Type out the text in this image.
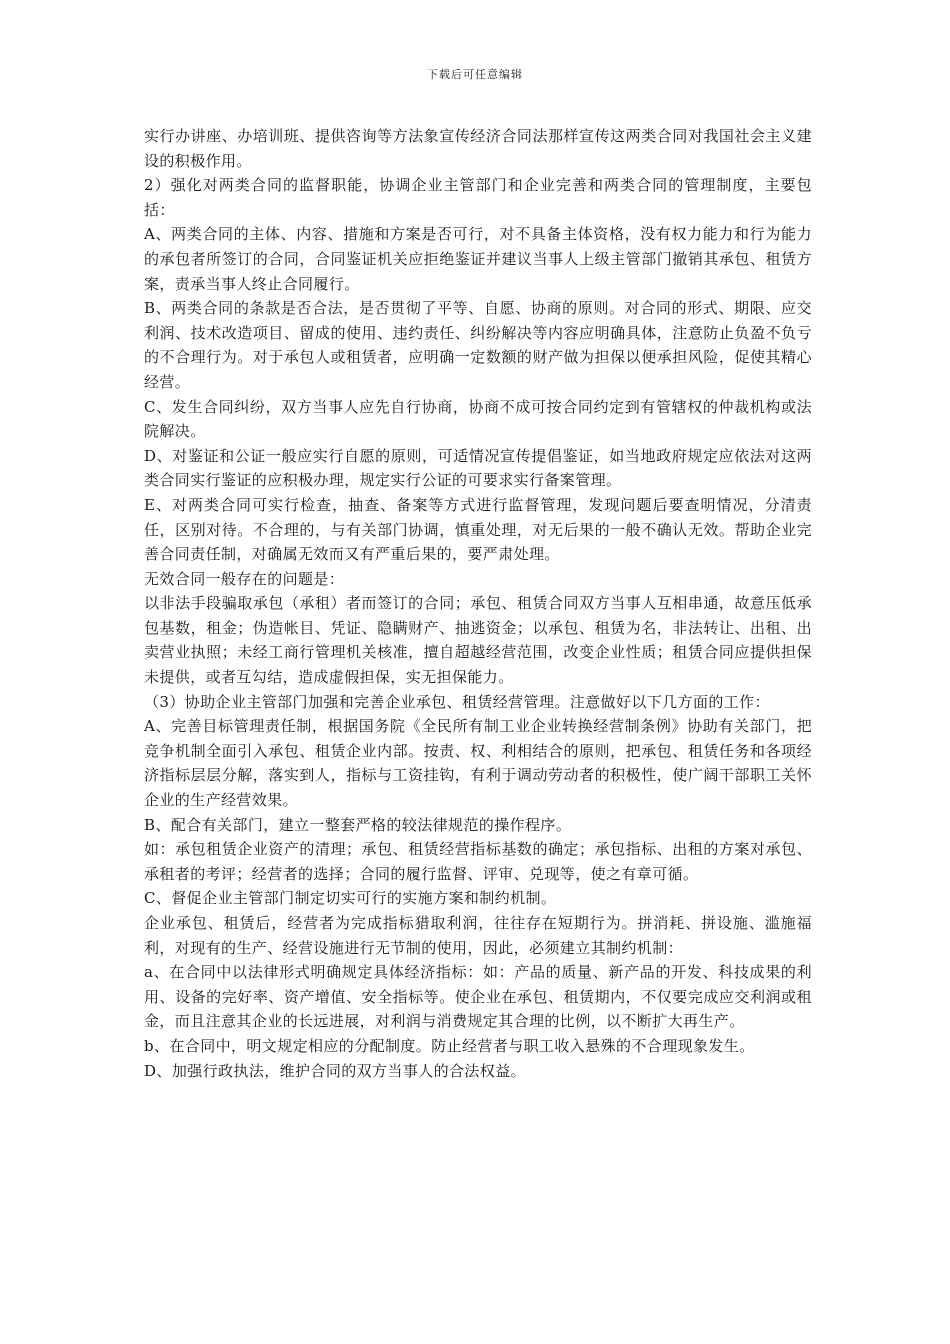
下载后可任意编辑

实行办讲座、办培训班、提供咨询等方法象宣传经济合同法那样宣传这两类合同对我国社会主义建设的积极作用。

2）强化对两类合同的监督职能，协调企业主管部门和企业完善和两类合同的管理制度，主要包括：

A、两类合同的主体、内容、措施和方案是否可行，对不具备主体资格，没有权力能力和行为能力的承包者所签订的合同，合同鉴证机关应拒绝鉴证并建议当事人上级主管部门撤销其承包、租赁方案，责承当事人终止合同履行。

B、两类合同的条款是否合法，是否贯彻了平等、自愿、协商的原则。对合同的形式、期限、应交利润、技术改造项目、留成的使用、违约责任、纠纷解决等内容应明确具体，注意防止负盈不负亏的不合理行为。对于承包人或租赁者，应明确一定数额的财产做为担保以便承担风险，促使其精心经营。

C、发生合同纠纷，双方当事人应先自行协商，协商不成可按合同约定到有管辖权的仲裁机构或法院解决。

D、对鉴证和公证一般应实行自愿的原则，可适情况宣传提倡鉴证，如当地政府规定应依法对这两类合同实行鉴证的应积极办理，规定实行公证的可要求实行备案管理。

E、对两类合同可实行检查，抽查、备案等方式进行监督管理，发现问题后要查明情况，分清责任，区别对待。不合理的，与有关部门协调，慎重处理，对无后果的一般不确认无效。帮助企业完善合同责任制，对确属无效而又有严重后果的，要严肃处理。

无效合同一般存在的问题是：

以非法手段骗取承包（承租）者而签订的合同；承包、租赁合同双方当事人互相串通，故意压低承包基数，租金；伪造帐目、凭证、隐瞒财产、抽逃资金；以承包、租赁为名，非法转让、出租、出卖营业执照；未经工商行管理机关核准，擅自超越经营范围，改变企业性质；租赁合同应提供担保未提供，或者互勾结，造成虚假担保，实无担保能力。

（3）协助企业主管部门加强和完善企业承包、租赁经营管理。注意做好以下几方面的工作：

A、完善目标管理责任制，根据国务院《全民所有制工业企业转换经营制条例》协助有关部门，把竞争机制全面引入承包、租赁企业内部。按责、权、利相结合的原则，把承包、租赁任务和各项经济指标层层分解，落实到人，指标与工资挂钩，有利于调动劳动者的积极性，使广阔干部职工关怀企业的生产经营效果。

B、配合有关部门，建立一整套严格的较法律规范的操作程序。

如：承包租赁企业资产的清理；承包、租赁经营指标基数的确定；承包指标、出租的方案对承包、承租者的考评；经营者的选择；合同的履行监督、评审、兑现等，使之有章可循。

C、督促企业主管部门制定切实可行的实施方案和制约机制。

企业承包、租赁后，经营者为完成指标猎取利润，往往存在短期行为。拼消耗、拼设施、滥施福利，对现有的生产、经营设施进行无节制的使用，因此，必须建立其制约机制：

a、在合同中以法律形式明确规定具体经济指标：如：产品的质量、新产品的开发、科技成果的利用、设备的完好率、资产增值、安全指标等。使企业在承包、租赁期内，不仅要完成应交利润或租金，而且注意其企业的长远进展，对利润与消费规定其合理的比例，以不断扩大再生产。

b、在合同中，明文规定相应的分配制度。防止经营者与职工收入悬殊的不合理现象发生。

D、加强行政执法，维护合同的双方当事人的合法权益。
